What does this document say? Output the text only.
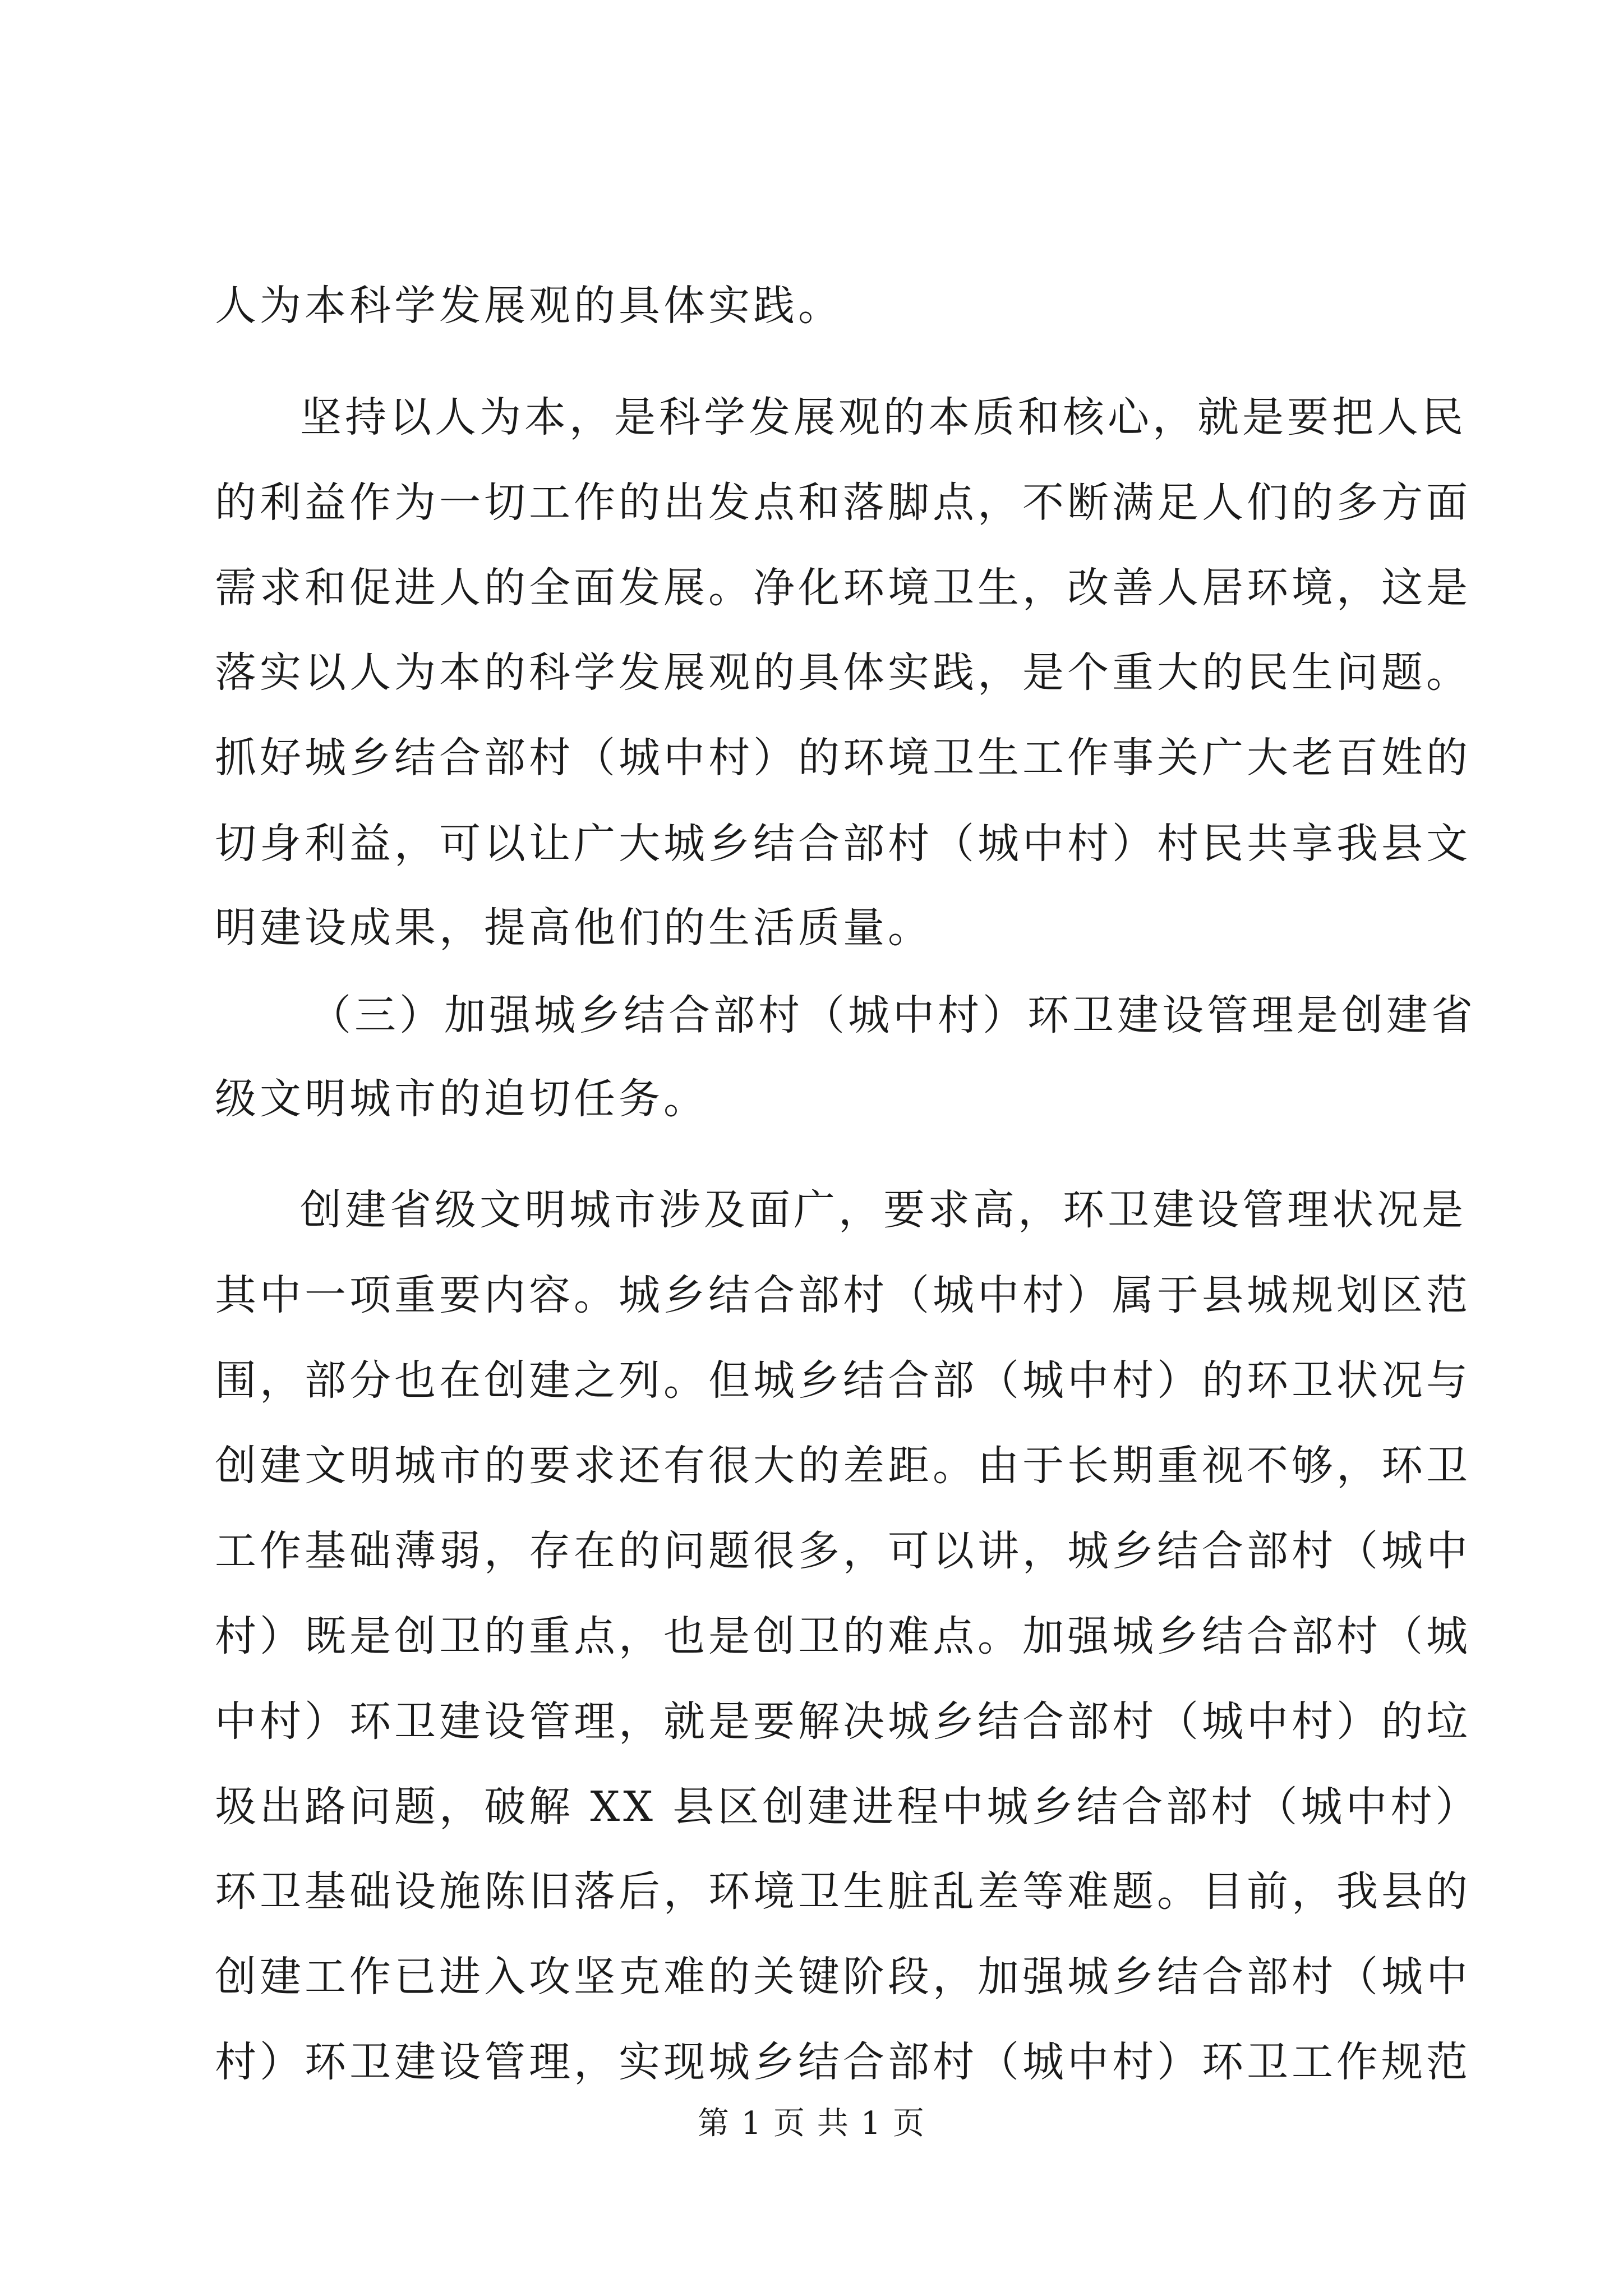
人为本科学发展观的具体实践。
坚持以人为本，是科学发展观的本质和核心，就是要把人民
的利益作为一切工作的出发点和落脚点，不断满足人们的多方面
需求和促进人的全面发展。净化环境卫生，改善人居环境，这是
落实以人为本的科学发展观的具体实践，是个重大的民生问题。
抓好城乡结合部村（城中村）的环境卫生工作事关广大老百姓的
切身利益，可以让广大城乡结合部村（城中村）村民共享我县文
明建设成果，提高他们的生活质量。
（三）加强城乡结合部村（城中村）环卫建设管理是创建省
级文明城市的迫切任务。
创建省级文明城市涉及面广，要求高，环卫建设管理状况是
其中一项重要内容。城乡结合部村（城中村）属于县城规划区范
围，部分也在创建之列。但城乡结合部（城中村）的环卫状况与
创建文明城市的要求还有很大的差距。由于长期重视不够，环卫
工作基础薄弱，存在的问题很多，可以讲，城乡结合部村（城中
村）既是创卫的重点，也是创卫的难点。加强城乡结合部村（城
中村）环卫建设管理，就是要解决城乡结合部村（城中村）的垃
圾出路问题，破解 XX 县区创建进程中城乡结合部村（城中村）
环卫基础设施陈旧落后，环境卫生脏乱差等难题。目前，我县的
创建工作已进入攻坚克难的关键阶段，加强城乡结合部村（城中
村）环卫建设管理，实现城乡结合部村（城中村）环卫工作规范
第 1 页 共 1 页
